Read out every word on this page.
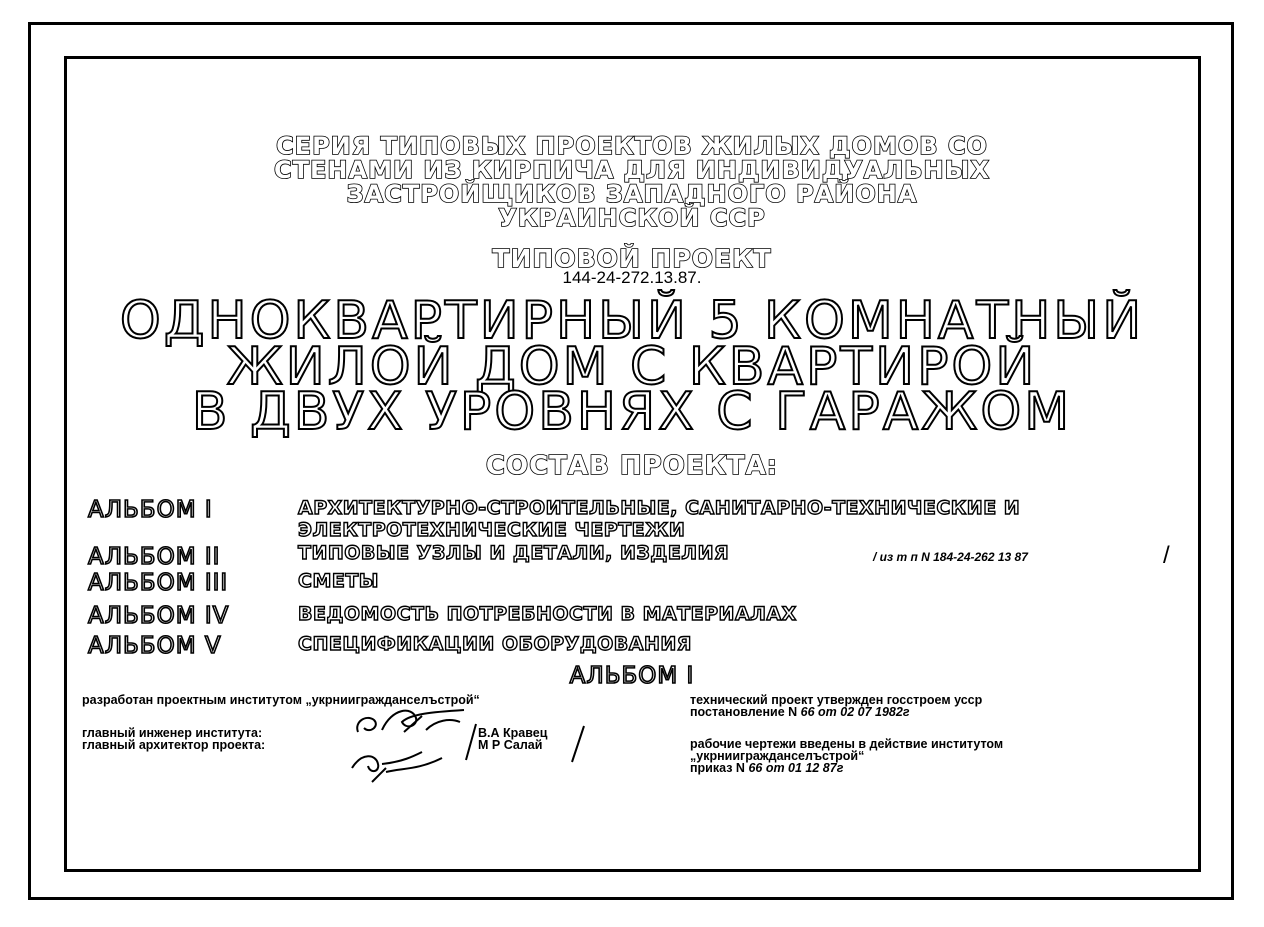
СЕРИЯ ТИПОВЫХ ПРОЕКТОВ ЖИЛЫХ ДОМОВ СО
СТЕНАМИ ИЗ КИРПИЧА ДЛЯ ИНДИВИДУАЛЬНЫХ
ЗАСТРОЙЩИКОВ ЗАПАДНОГО РАЙОНА
УКРАИНСКОЙ ССР
ТИПОВОЙ ПРОЕКТ
144-24-272.13.87.
ОДНОКВАРТИРНЫЙ 5 КОМНАТНЫЙ
ЖИЛОЙ ДОМ С КВАРТИРОЙ
В ДВУХ УРОВНЯХ С ГАРАЖОМ
СОСТАВ ПРОЕКТА:
АЛЬБОМ I	АРХИТЕКТУРНО-СТРОИТЕЛЬНЫЕ, САНИТАРНО-ТЕХНИЧЕСКИЕ И
ЭЛЕКТРОТЕХНИЧЕСКИЕ ЧЕРТЕЖИ
АЛЬБОМ II	ТИПОВЫЕ УЗЛЫ И ДЕТАЛИ, ИЗДЕЛИЯ	/ из т п N 184-24-262 13 87	/
АЛЬБОМ III	СМЕТЫ
АЛЬБОМ IV	ВЕДОМОСТЬ ПОТРЕБНОСТИ В МАТЕРИАЛАХ
АЛЬБОМ V	СПЕЦИФИКАЦИИ ОБОРУДОВАНИЯ
АЛЬБОМ I
разработан проектным институтом „укрниигражданселъстрой“
главный инженер института:
главный архитектор проекта:
В.А Кравец
М Р Салай
технический проект утвержден госстроем усср
постановление N 66 от 02 07 1982г
рабочие чертежи введены в действие институтом
„укрниигражданселъстрой“
приказ N 66 от 01 12 87г
